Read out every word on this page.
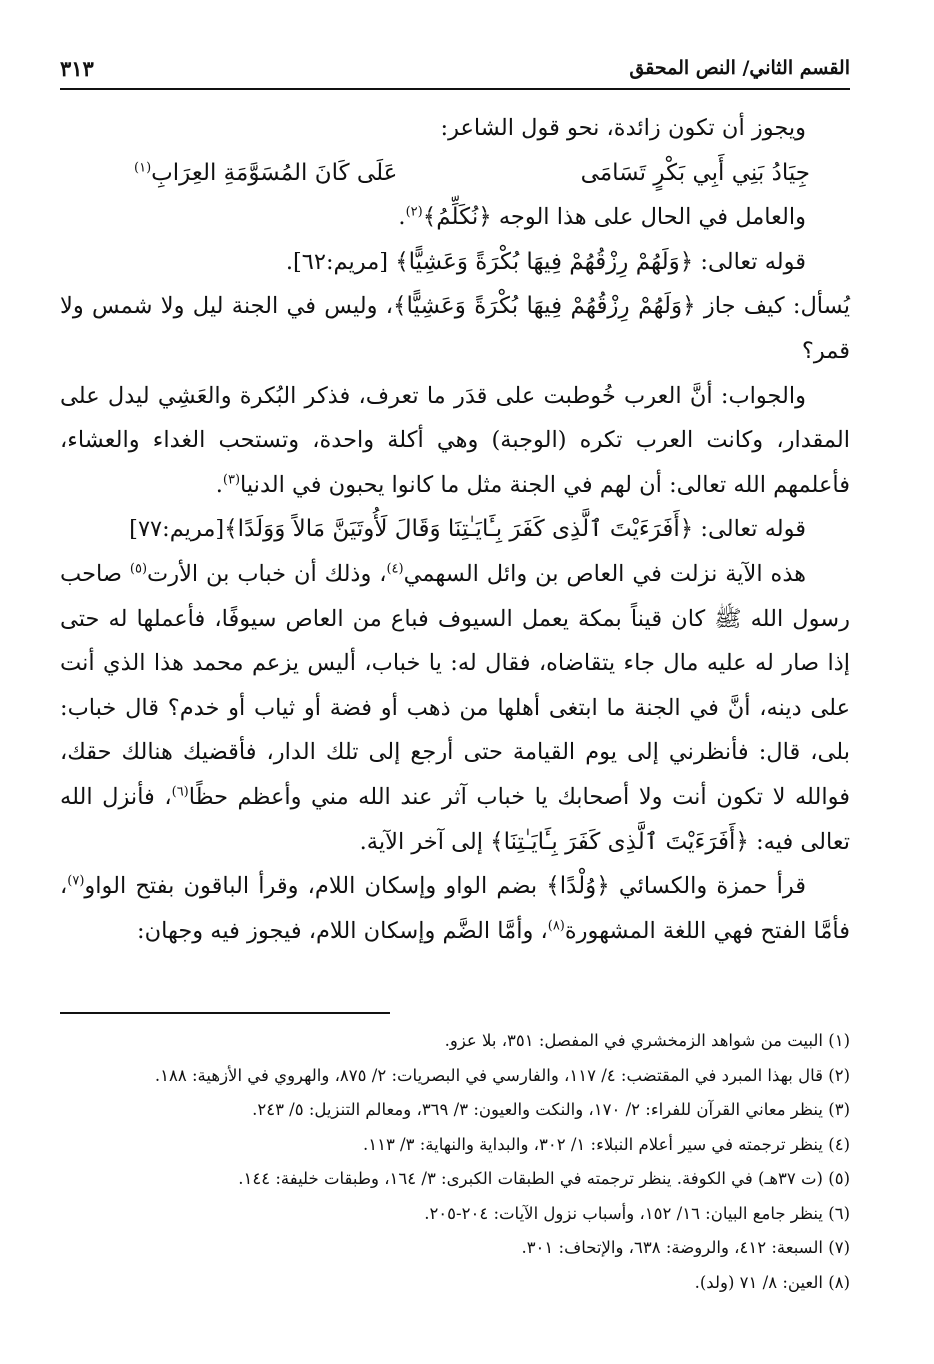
القسم الثاني/ النص المحقق
٣١٣

ويجوز أن تكون زائدة، نحو قول الشاعر:

جِيَادُ بَنِي أَبِي بَكْرٍ تَسَامَى
عَلَى كَانَ المُسَوَّمَةِ العِرَابِ$^{(١)}$

والعامل في الحال على هذا الوجه ﴿نُكَلِّمُ﴾$^{(٢)}$.

قوله تعالى: ﴿وَلَهُمْ رِزْقُهُمْ فِيهَا بُكْرَةً وَعَشِيًّا﴾ [مريم:٦٢].

يُسأل: كيف جاز ﴿وَلَهُمْ رِزْقُهُمْ فِيهَا بُكْرَةً وَعَشِيًّا﴾، وليس في الجنة ليل ولا شمس ولا قمر؟

والجواب: أنَّ العرب خُوطبت على قدَر ما تعرف، فذكر البُكرة والعَشِي ليدل على المقدار، وكانت العرب تكره (الوجبة) وهي أكلة واحدة، وتستحب الغداء والعشاء، فأعلمهم الله تعالى: أن لهم في الجنة مثل ما كانوا يحبون في الدنيا$^{(٣)}$.

قوله تعالى: ﴿أَفَرَءَيْتَ ٱلَّذِى كَفَرَ بِـَٔايَـٰتِنَا وَقَالَ لَأُوتَيَنَّ مَالاً وَوَلَدًا﴾[مريم:٧٧]

هذه الآية نزلت في العاص بن وائل السهمي$^{(٤)}$، وذلك أن خباب بن الأرت$^{(٥)}$ صاحب رسول الله ﷺ كان قيناً بمكة يعمل السيوف فباع من العاص سيوفًا، فأعملها له حتى إذا صار له عليه مال جاء يتقاضاه، فقال له: يا خباب، أليس يزعم محمد هذا الذي أنت على دينه، أنَّ في الجنة ما ابتغى أهلها من ذهب أو فضة أو ثياب أو خدم؟ قال خباب: بلى، قال: فأنظرني إلى يوم القيامة حتى أرجع إلى تلك الدار، فأقضيك هنالك حقك، فوالله لا تكون أنت ولا أصحابك يا خباب آثر عند الله مني وأعظم حظًا$^{(٦)}$، فأنزل الله تعالى فيه: ﴿أَفَرَءَيْتَ ٱلَّذِى كَفَرَ بِـَٔايَـٰتِنَا﴾ إلى آخر الآية.

قرأ حمزة والكسائي ﴿وُلْدًا﴾ بضم الواو وإسكان اللام، وقرأ الباقون بفتح الواو$^{(٧)}$، فأمَّا الفتح فهي اللغة المشهورة$^{(٨)}$، وأمَّا الضَّم وإسكان اللام، فيجوز فيه وجهان:

(١) البيت من شواهد الزمخشري في المفصل: ٣٥١، بلا عزو.

(٢) قال بهذا المبرد في المقتضب: ٤/ ١١٧، والفارسي في البصريات: ٢/ ٨٧٥، والهروي في الأزهية: ١٨٨.

(٣) ينظر معاني القرآن للفراء: ٢/ ١٧٠، والنكت والعيون: ٣/ ٣٦٩، ومعالم التنزيل: ٥/ ٢٤٣.

(٤) ينظر ترجمته في سير أعلام النبلاء: ١/ ٣٠٢، والبداية والنهاية: ٣/ ١١٣.

(٥) (ت ٣٧هـ) في الكوفة. ينظر ترجمته في الطبقات الكبرى: ٣/ ١٦٤، وطبقات خليفة: ١٤٤.

(٦) ينظر جامع البيان: ١٦/ ١٥٢، وأسباب نزول الآيات: ٢٠٤-٢٠٥.

(٧) السبعة: ٤١٢، والروضة: ٦٣٨، والإتحاف: ٣٠١.

(٨) العين: ٨/ ٧١ (ولد).
